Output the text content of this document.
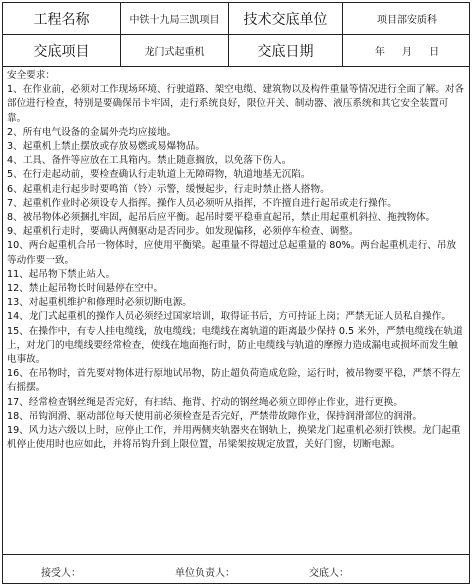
工程名称	中铁十九局三凯项目	技术交底单位	项目部安质科
交底项目	龙门式起重机	交底日期	年 月 日

安全要求：

1、在作业前，必须对工作现场环境、行驶道路、架空电缆、建筑物以及构件重量等情况进行全面了解。对各部位进行检查，特别是要确保吊卡牢固，走行系统良好，限位开关、制动器、液压系统和其它安全装置可靠。

2、所有电气设备的金属外壳均应接地。

3、起重机上禁止摆放或存放易燃或易爆物品。

4、工具、备件等应放在工具箱内。禁止随意搁放，以免落下伤人。

5、在行走起动前，要检查确认行走轨道上无障碍物，轨道地基无沉陷。

6、起重机走行起步时要鸣笛（铃）示警，缓慢起步，行走时禁止搭人搭物。

7、起重机作业时必须设专人指挥。操作人员必须听从指挥，不许擅自进行起吊或走行操作。

8、被吊物体必须捆扎牢固，起吊后应平衡。起吊时要平稳垂直起吊，禁止用起重机斜拉、拖拽物体。

9、起重机行走时，要确认两侧驱动是否同步。如发现偏移，必须停车检查、调整。

10、两台起重机合吊一物体时，应使用平衡梁。起重量不得超过总起重量的 80%。两台起重机走行、吊放等动作要一致。

11、起吊物下禁止站人。

12、禁止起吊物长时间悬停在空中。

13、对起重机维护和修理时必须切断电源。

14、龙门式起重机的操作人员必须经过国家培训，取得证书后，方可持证上岗；严禁无证人员私自操作。

15、在操作中，有专人挂电缆线，放电缆线；电缆线在离轨道的距离最少保持 0.5 米外，严禁电缆线在轨道上，对龙门的电缆线要经常检查，使线在地面拖行时，防止电缆线与轨道的摩擦力造成漏电或损坏而发生触电事故。

16、在吊物时，首先要对物体进行原地试吊物，防止超负荷造成危险，运行时，被吊物要平稳，严禁不得左右摇摆。

17、经常检查钢丝绳是否完好，有扫结、拖背、拧动的钢丝绳必须立即停止作业，进行更换。

18、吊钩润滑、驱动部位每天使用前必须检查是否完好，严禁带故障作业，保持润滑部位的润滑。

19、风力达六级以上时，应停止工作，并用两侧夹轨器夹在钢轨上，换梁龙门起重机必须打铁楔。龙门起重机停止使用时也应如此，并将吊钩升到上限位置，吊梁架按规定放置，关好门窗，切断电源。

接受人：	单位负责人：	交底人：
